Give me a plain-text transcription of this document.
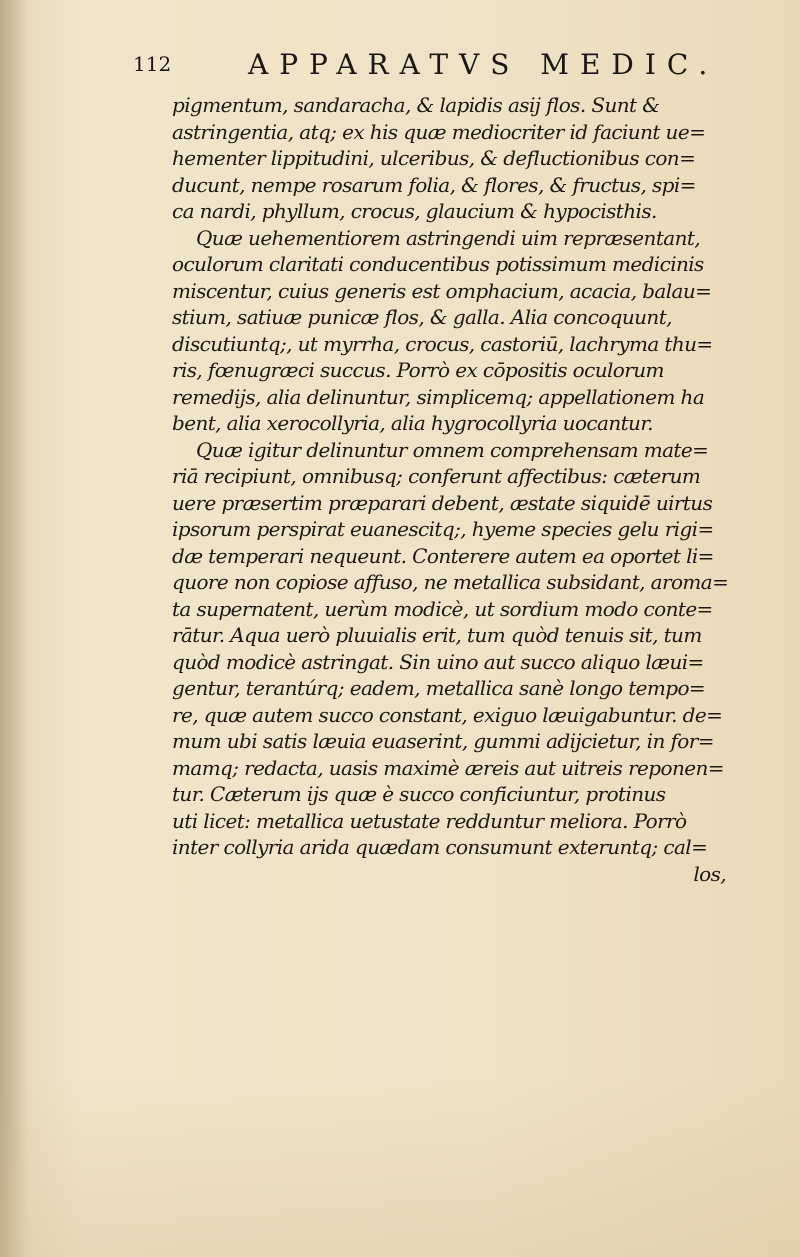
112	APPARATVS MEDIC.
pigmentum, sandaracha, & lapidis asij flos. Sunt &
astringentia, atq; ex his quæ mediocriter id faciunt ue=
hementer lippitudini, ulceribus, & defluctionibus con=
ducunt, nempe rosarum folia, & flores, & fructus, spi=
ca nardi, phyllum, crocus, glaucium & hypocisthis.
Quæ uehementiorem astringendi uim repræsentant,
oculorum claritati conducentibus potissimum medicinis
miscentur, cuius generis est omphacium, acacia, balau=
stium, satiuæ punicæ flos, & galla. Alia concoquunt,
discutiuntq;, ut myrrha, crocus, castoriū, lachryma thu=
ris, fœnugræci succus. Porrò ex cōpositis oculorum
remedijs, alia delinuntur, simplicemq; appellationem ha
bent, alia xerocollyria, alia hygrocollyria uocantur.
Quæ igitur delinuntur omnem comprehensam mate=
riā recipiunt, omnibusq; conferunt affectibus: cæterum
uere præsertim præparari debent, æstate siquidē uirtus
ipsorum perspirat euanescitq;, hyeme species gelu rigi=
dæ temperari nequeunt. Conterere autem ea oportet li=
quore non copiose affuso, ne metallica subsidant, aroma=
ta supernatent, uerùm modicè, ut sordium modo conte=
rātur. Aqua uerò pluuialis erit, tum quòd tenuis sit, tum
quòd modicè astringat. Sin uino aut succo aliquo læui=
gentur, terantúrq; eadem, metallica sanè longo tempo=
re, quæ autem succo constant, exiguo læuigabuntur. de=
mum ubi satis læuia euaserint, gummi adijcietur, in for=
mamq; redacta, uasis maximè æreis aut uitreis reponen=
tur. Cæterum ijs quæ è succo conficiuntur, protinus
uti licet: metallica uetustate redduntur meliora. Porrò
inter collyria arida quædam consumunt exteruntq; cal=
los,
